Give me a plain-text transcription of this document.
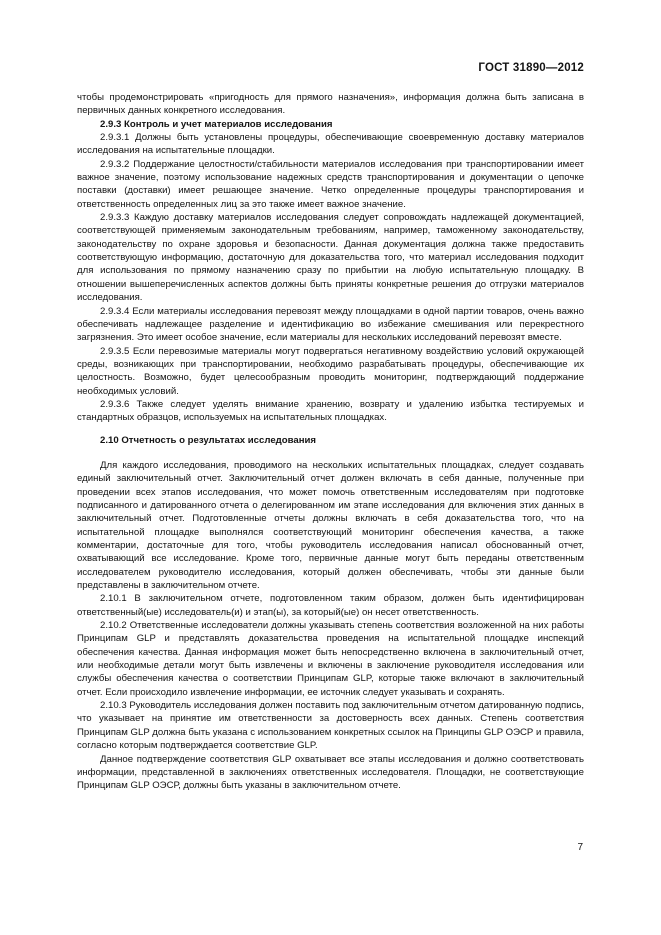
ГОСТ 31890—2012

чтобы продемонстрировать «пригодность для прямого назначения», информация должна быть записана в первичных данных конкретного исследования.

2.9.3 Контроль и учет материалов исследования

2.9.3.1 Должны быть установлены процедуры, обеспечивающие своевременную доставку материалов исследования на испытательные площадки.

2.9.3.2 Поддержание целостности/стабильности материалов исследования при транспортировании имеет важное значение, поэтому использование надежных средств транспортирования и документации о цепочке поставки (доставки) имеет решающее значение. Четко определенные процедуры транспортирования и ответственность определенных лиц за это также имеет важное значение.

2.9.3.3 Каждую доставку материалов исследования следует сопровождать надлежащей документацией, соответствующей применяемым законодательным требованиям, например, таможенному законодательству, законодательству по охране здоровья и безопасности. Данная документация должна также предоставить соответствующую информацию, достаточную для доказательства того, что материал исследования подходит для использования по прямому назначению сразу по прибытии на любую испытательную площадку. В отношении вышеперечисленных аспектов должны быть приняты конкретные решения до отгрузки материалов исследования.

2.9.3.4 Если материалы исследования перевозят между площадками в одной партии товаров, очень важно обеспечивать надлежащее разделение и идентификацию во избежание смешивания или перекрестного загрязнения. Это имеет особое значение, если материалы для нескольких исследований перевозят вместе.

2.9.3.5 Если перевозимые материалы могут подвергаться негативному воздействию условий окружающей среды, возникающих при транспортировании, необходимо разрабатывать процедуры, обеспечивающие их целостность. Возможно, будет целесообразным проводить мониторинг, подтверждающий поддержание необходимых условий.

2.9.3.6 Также следует уделять внимание хранению, возврату и удалению избытка тестируемых и стандартных образцов, используемых на испытательных площадках.

2.10 Отчетность о результатах исследования

Для каждого исследования, проводимого на нескольких испытательных площадках, следует создавать единый заключительный отчет. Заключительный отчет должен включать в себя данные, полученные при проведении всех этапов исследования, что может помочь ответственным исследователям при подготовке подписанного и датированного отчета о делегированном им этапе исследования для включения этих данных в заключительный отчет. Подготовленные отчеты должны включать в себя доказательства того, что на испытательной площадке выполнялся соответствующий мониторинг обеспечения качества, а также комментарии, достаточные для того, чтобы руководитель исследования написал обоснованный отчет, охватывающий все исследование. Кроме того, первичные данные могут быть переданы ответственным исследователем руководителю исследования, который должен обеспечивать, чтобы эти данные были представлены в заключительном отчете.

2.10.1 В заключительном отчете, подготовленном таким образом, должен быть идентифицирован ответственный(ые) исследователь(и) и этап(ы), за который(ые) он несет ответственность.

2.10.2 Ответственные исследователи должны указывать степень соответствия возложенной на них работы Принципам GLP и представлять доказательства проведения на испытательной площадке инспекций обеспечения качества. Данная информация может быть непосредственно включена в заключительный отчет, или необходимые детали могут быть извлечены и включены в заключение руководителя исследования или службы обеспечения качества о соответствии Принципам GLP, которые также включают в заключительный отчет. Если происходило извлечение информации, ее источник следует указывать и сохранять.

2.10.3 Руководитель исследования должен поставить под заключительным отчетом датированную подпись, что указывает на принятие им ответственности за достоверность всех данных. Степень соответствия Принципам GLP должна быть указана с использованием конкретных ссылок на Принципы GLP ОЭСР и правила, согласно которым подтверждается соответствие GLP.

Данное подтверждение соответствия GLP охватывает все этапы исследования и должно соответствовать информации, представленной в заключениях ответственных исследователя. Площадки, не соответствующие Принципам GLP ОЭСР, должны быть указаны в заключительном отчете.

7
